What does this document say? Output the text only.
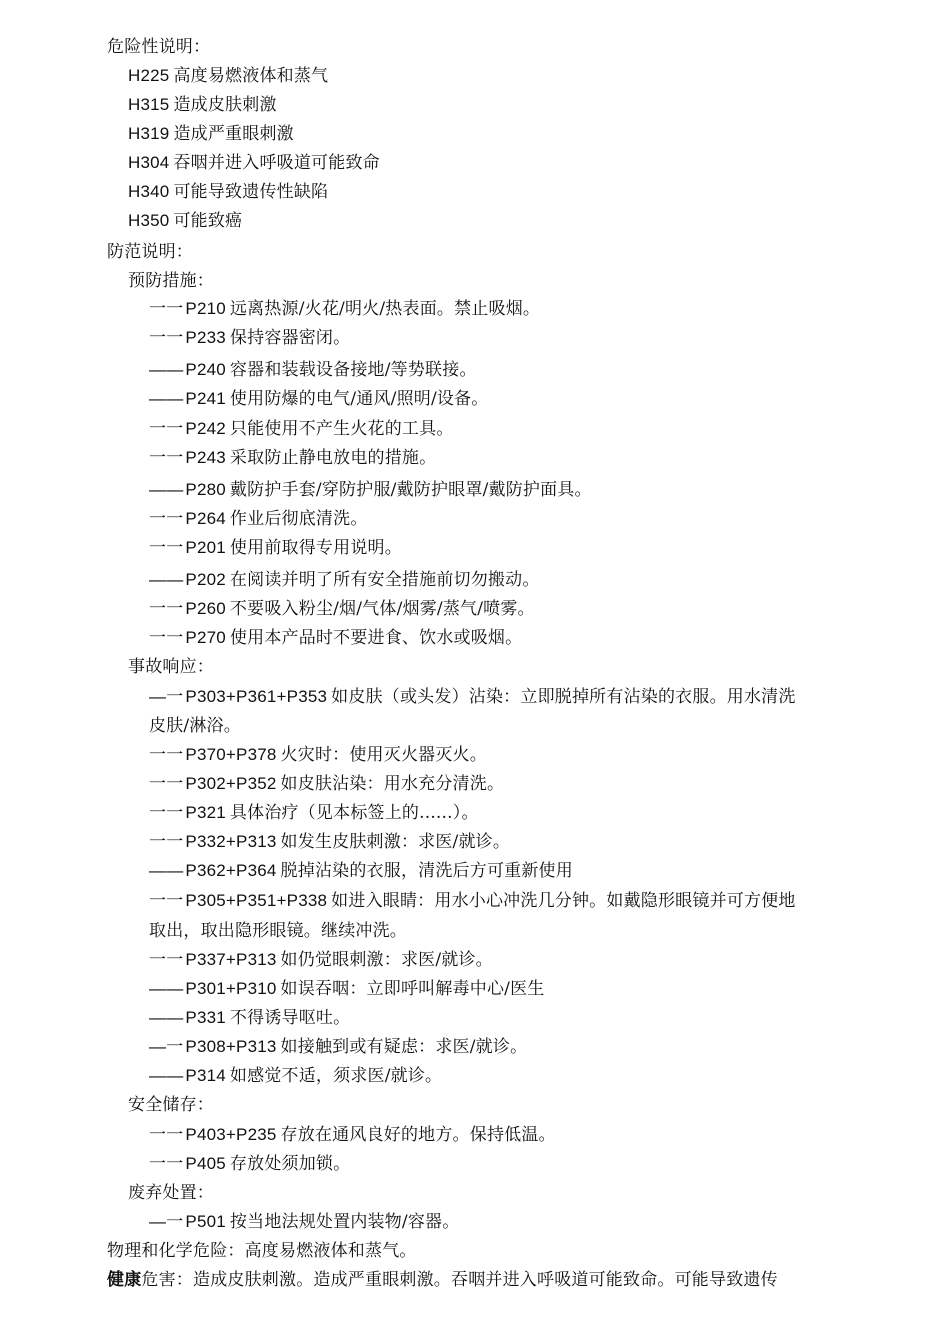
危险性说明：
H225 高度易燃液体和蒸气
H315 造成皮肤刺激
H319 造成严重眼刺激
H304 吞咽并进入呼吸道可能致命
H340 可能导致遗传性缺陷
H350 可能致癌
防范说明：
预防措施：
一一 P210 远离热源/火花/明火/热表面。禁止吸烟。
一一 P233 保持容器密闭。
—— P240 容器和装载设备接地/等势联接。
—— P241 使用防爆的电气/通风/照明/设备。
一一 P242 只能使用不产生火花的工具。
一一 P243 采取防止静电放电的措施。
—— P280 戴防护手套/穿防护服/戴防护眼罩/戴防护面具。
一一 P264 作业后彻底清洗。
一一 P201 使用前取得专用说明。
—— P202 在阅读并明了所有安全措施前切勿搬动。
一一 P260 不要吸入粉尘/烟/气体/烟雾/蒸气/喷雾。
一一 P270 使用本产品时不要进食、饮水或吸烟。
事故响应：
—一 P303+P361+P353 如皮肤（或头发）沾染：立即脱掉所有沾染的衣服。用水清洗
皮肤/淋浴。
一一 P370+P378 火灾时：使用灭火器灭火。
一一 P302+P352 如皮肤沾染：用水充分清洗。
一一 P321 具体治疗（见本标签上的......）。
一一 P332+P313 如发生皮肤刺激：求医/就诊。
—— P362+P364 脱掉沾染的衣服，清洗后方可重新使用
一一 P305+P351+P338 如进入眼睛：用水小心冲洗几分钟。如戴隐形眼镜并可方便地
取出，取出隐形眼镜。继续冲洗。
一一 P337+P313 如仍觉眼刺激：求医/就诊。
—— P301+P310 如误吞咽：立即呼叫解毒中心/医生
—— P331 不得诱导呕吐。
—一 P308+P313 如接触到或有疑虑：求医/就诊。
—— P314 如感觉不适，须求医/就诊。
安全储存：
一一 P403+P235 存放在通风良好的地方。保持低温。
一一 P405 存放处须加锁。
废弃处置：
—一 P501 按当地法规处置内装物/容器。
物理和化学危险：高度易燃液体和蒸气。
健康危害：造成皮肤刺激。造成严重眼刺激。吞咽并进入呼吸道可能致命。可能导致遗传
